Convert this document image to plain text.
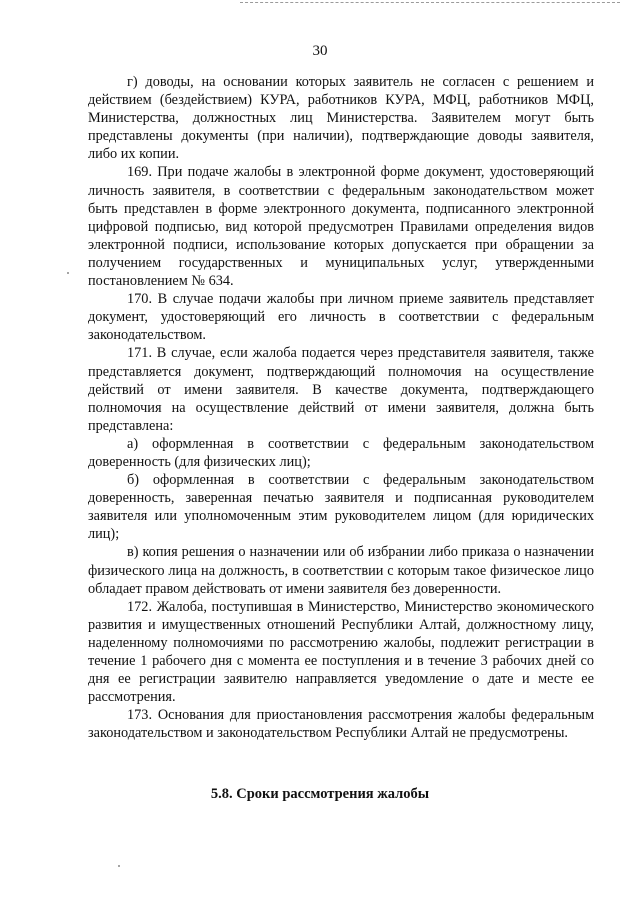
30

г) доводы, на основании которых заявитель не согласен с решением и действием (бездействием) КУРА, работников КУРА, МФЦ, работников МФЦ, Министерства, должностных лиц Министерства. Заявителем могут быть представлены документы (при наличии), подтверждающие доводы заявителя, либо их копии.

169. При подаче жалобы в электронной форме документ, удостоверяющий личность заявителя, в соответствии с федеральным законодательством может быть представлен в форме электронного документа, подписанного электронной цифровой подписью, вид которой предусмотрен Правилами определения видов электронной подписи, использование которых допускается при обращении за получением государственных и муниципальных услуг, утвержденными постановлением № 634.

170. В случае подачи жалобы при личном приеме заявитель представляет документ, удостоверяющий его личность в соответствии с федеральным законодательством.

171. В случае, если жалоба подается через представителя заявителя, также представляется документ, подтверждающий полномочия на осуществление действий от имени заявителя. В качестве документа, подтверждающего полномочия на осуществление действий от имени заявителя, должна быть представлена:

а) оформленная в соответствии с федеральным законодательством доверенность (для физических лиц);

б) оформленная в соответствии с федеральным законодательством доверенность, заверенная печатью заявителя и подписанная руководителем заявителя или уполномоченным этим руководителем лицом (для юридических лиц);

в) копия решения о назначении или об избрании либо приказа о назначении физического лица на должность, в соответствии с которым такое физическое лицо обладает правом действовать от имени заявителя без доверенности.

172. Жалоба, поступившая в Министерство, Министерство экономического развития и имущественных отношений Республики Алтай, должностному лицу, наделенному полномочиями по рассмотрению жалобы, подлежит регистрации в течение 1 рабочего дня с момента ее поступления и в течение 3 рабочих дней со дня ее регистрации заявителю направляется уведомление о дате и месте ее рассмотрения.

173. Основания для приостановления рассмотрения жалобы федеральным законодательством и законодательством Республики Алтай не предусмотрены.

5.8. Сроки рассмотрения жалобы
